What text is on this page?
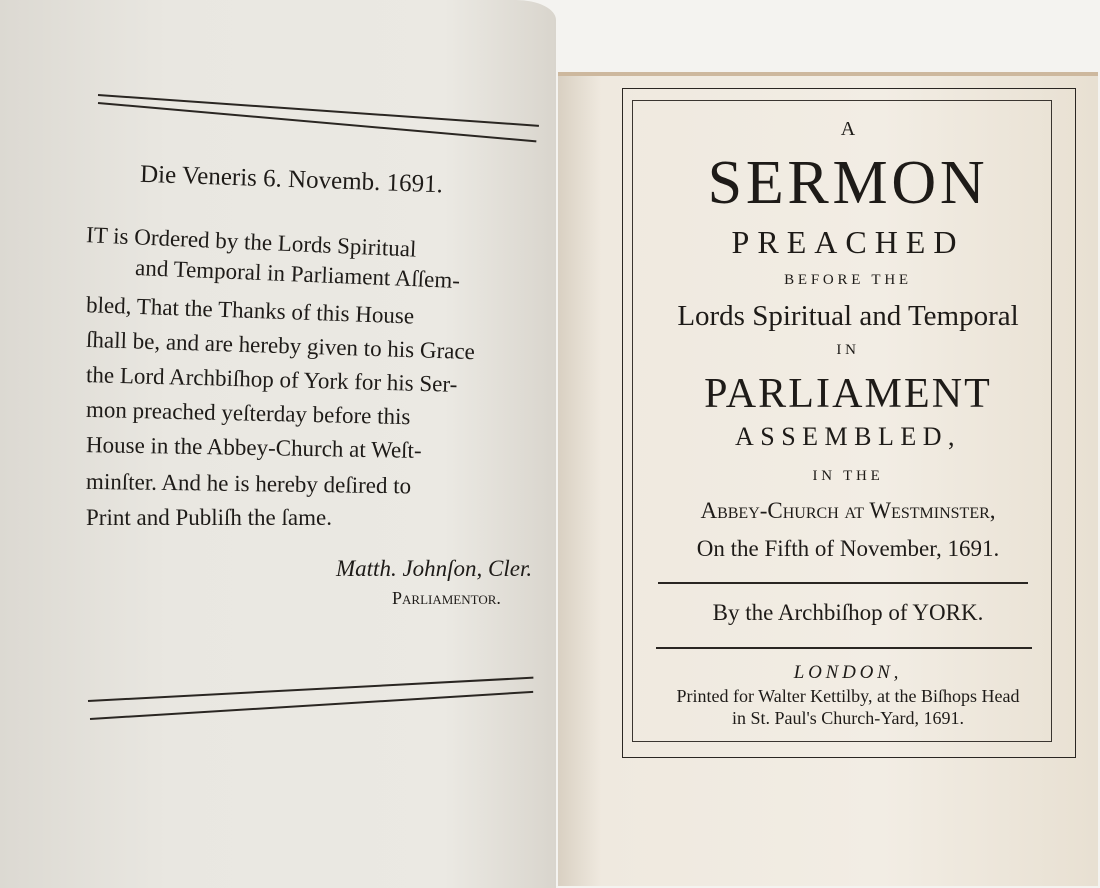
Die Veneris 6. Novemb. 1691.
IT is Ordered by the Lords Spiritual
and Temporal in Parliament Aſſem-
bled, That the Thanks of this House
ſhall be, and are hereby given to his Grace
the Lord Archbiſhop of York for his Ser-
mon preached yeſterday before this
House in the Abbey-Church at Weſt-
minſter. And he is hereby deſired to
Print and Publiſh the ſame.
Matth. Johnſon, Cler.
Parliamentor.
A
SERMON
PREACHED
BEFORE THE
Lords Spiritual and Temporal
IN
PARLIAMENT
ASSEMBLED,
IN THE
Abbey-Church at Westminster,
On the Fifth of November, 1691.
By the Archbiſhop of YORK.
LONDON,
Printed for Walter Kettilby, at the Biſhops Head
in St. Paul's Church-Yard, 1691.
